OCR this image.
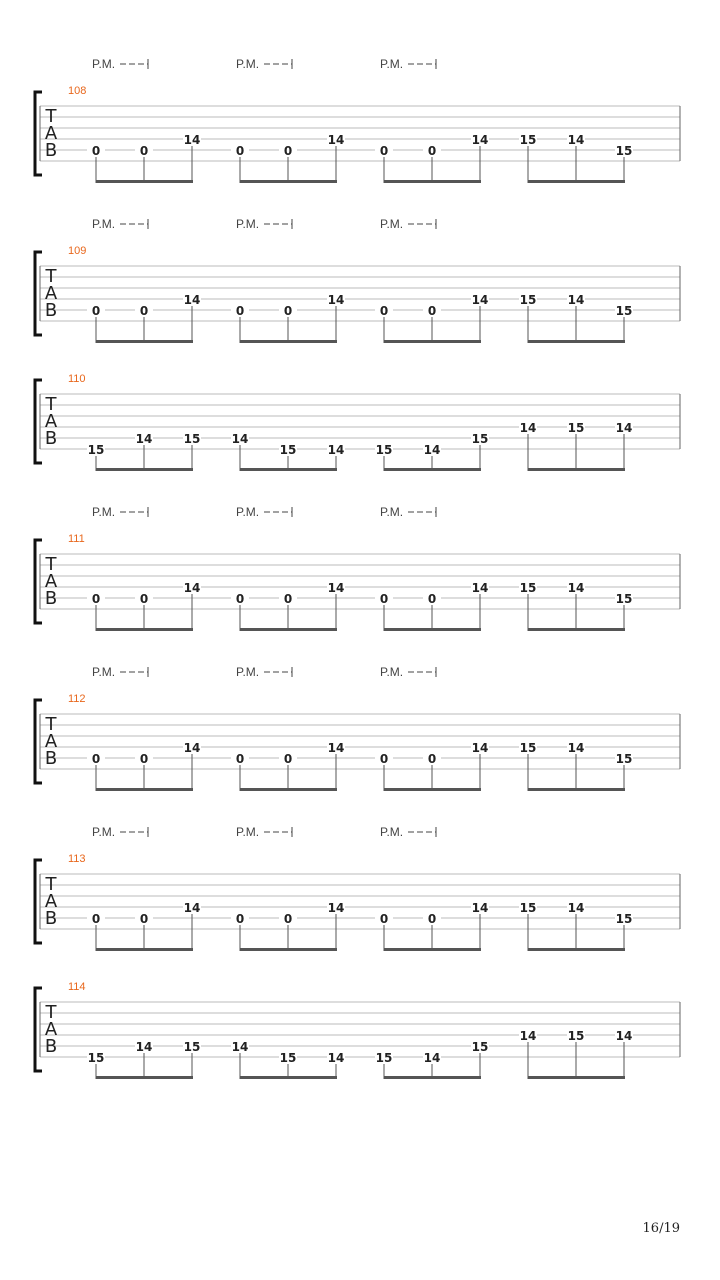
P.M.	P.M.	P.M.
108
T
A
B	0	0
14
0	0
14
0	0
14	15	14
15
P.M.	P.M.	P.M.
109
T
A
B	0	0
14
0	0
14
0	0
14	15	14
15
110
T
A
B
15
14	15	14
15	14	15	14
15
14	15	14
P.M.	P.M.	P.M.
111
T
A
B	0	0
14
0	0
14
0	0
14	15	14
15
P.M.	P.M.	P.M.
112
T
A
B	0	0
14
0	0
14
0	0
14	15	14
15
P.M.	P.M.	P.M.
113
T
A
B	0	0
14
0	0
14
0	0
14	15	14
15
114
T
A
B
15
14	15	14
15	14	15	14
15
14	15	14
16/19
